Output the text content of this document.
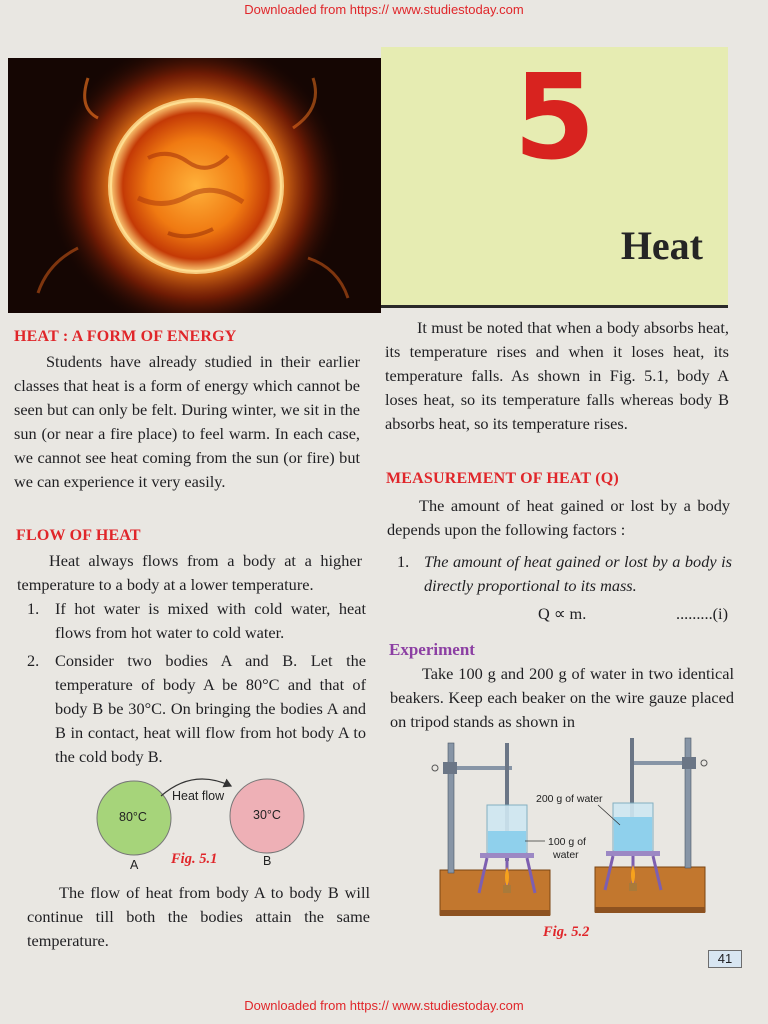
Downloaded from https:// www.studiestoday.com
5
Heat
HEAT : A FORM OF ENERGY

Students have already studied in their earlier classes that heat is a form of energy which cannot be seen but can only be felt. During winter, we sit in the sun (or near a fire place) to feel warm. In each case, we cannot see heat coming from the sun (or fire) but we can experience it very easily.

FLOW OF HEAT

Heat always flows from a body at a higher temperature to a body at a lower temperature.

1. If hot water is mixed with cold water, heat flows from hot water to cold water.
2. Consider two bodies A and B. Let the temperature of body A be 80°C and that of body B be 30°C. On bringing the bodies A and B in contact, heat will flow from hot body A to the cold body B.
80°C	30°C
Heat flow
A	B
Fig. 5.1

The flow of heat from body A to body B will continue till both the bodies attain the same temperature.

It must be noted that when a body absorbs heat, its temperature rises and when it loses heat, its temperature falls. As shown in Fig. 5.1, body A loses heat, so its temperature falls whereas body B absorbs heat, so its temperature rises.

MEASUREMENT OF HEAT (Q)

The amount of heat gained or lost by a body depends upon the following factors :

1. The amount of heat gained or lost by a body is directly proportional to its mass.

Q ∝ m.	.........(i)
Experiment

Take 100 g and 200 g of water in two identical beakers. Keep each beaker on the wire gauze placed on tripod stands as shown in

200 g of water
100 g of
water
Fig. 5.2
41
Downloaded from https:// www.studiestoday.com
